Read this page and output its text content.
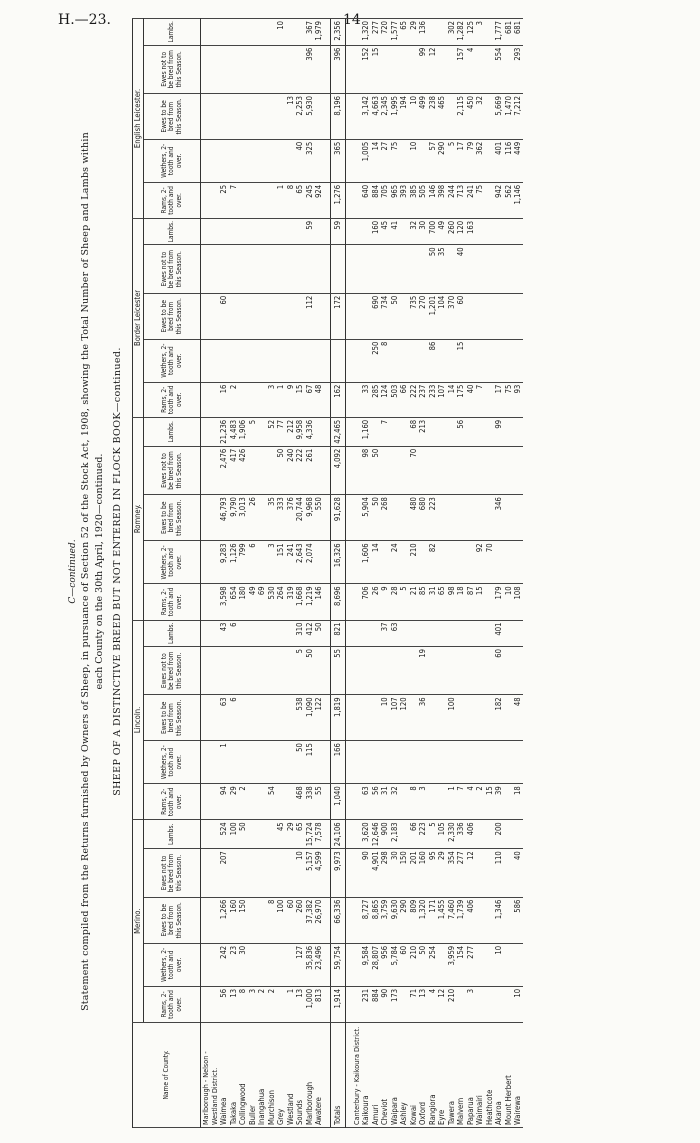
H.—23.	14
C—continued. Statement compiled from the Returns furnished by Owners of Sheep, in pursuance of Section 52 of the Stock Act, 1908, showing the Total Number of Sheep and Lambs within each County on the 30th April, 1920—continued. SHEEP OF A DISTINCTIVE BREED BUT NOT ENTERED IN FLOCK BOOK—continued.
Name of County.	Merino.					Lincoln.					Romney.					Border Leicester					English Leicester.				
	Rams, 2-tooth and over.	Wethers, 2-tooth and over.	Ewes to be bred from this Season.	Ewes not to be bred from this Season.	Lambs.	Rams, 2-tooth and over.	Wethers, 2-tooth and over.	Ewes to be bred from this Season.	Ewes not to be bred from this Season.	Lambs.	Rams, 2-tooth and over.	Wethers, 2-tooth and over.	Ewes to be bred from this Season.	Ewes not to be bred from this Season.	Lambs.	Rams, 2-tooth and over.	Wethers, 2-tooth and over.	Ewes to be bred from this Season.	Ewes not to be bred from this Season.	Lambs.	Rams, 2-tooth and over.	Wethers, 2-tooth and over.	Ewes to be bred from this Season.	Ewes not to be bred from this Season.	Lambs.
Marlborough - Nelson - Westland District.																									
Waimea	56	242	1,266	207	524	94	1	63		43	3,598	9,283	46,793	2,476	21,236	16		60			25				
Takaka	13	23	160		100	29		6		6	654	1,126	9,790	417	4,483	2					7				
Collingwood	8	30	150		50	2					180	799	3,013	426	1,906										
Buller	3										49	6	26		5										
Inangahua	2										69														
Murchison	2		8			54					530	3	35		52	3									
Grey			100		45						264	151	333	50	77	1					1				10
Westland	1		60		29						319	241	376	240	212	9					8		13		
Sounds	13	127	260	10	65	468	50	538	5	310	1,668	2,643	20,744	222	9,958	15					65	40	2,253		
Marlborough	1,000	35,836	37,382	5,157	15,724	338	115	1,090	50	412	1,219	2,074	9,968	261	4,336	67		112		59	245	325	5,930	396	367
Awatere	813	23,496	26,970	4,599	7,578	55		122		50	146		550			48					924				1,979

Totals	1,914	59,754	66,336	9,973	24,106	1,040	166	1,819	55	821	8,696	16,326	91,628	4,092	42,465	162		172		59	1,276	365	8,196	396	2,356

Canterbury - Kaikoura District.																									
Kaikoura	231	9,584	8,727	90	3,620	63					706	1,606	5,904	98	1,160	33					640	1,005	3,142	152	1,320
Amuri	884	28,807	8,865	4,901	12,646	56					26	14	50	50		285	250	690		160	884	14	4,663	15	277
Cheviot	90	956	3,759	298	900	31		10		37	9		268		7	124	8	734		45	705	27	2,345		720
Waipara	173	5,784	9,630	30	2,183	32		107		63	28	24				503		50		41	965	75	1,995		1,577
Ashley		60	290	150				120			5					66					393		194		65
Kowai	71	210	809	201	66	8					21	210	480	70	68	222		735		32	385	10	10		29
Oxford	13	50	1,320	160	223	3		36	19		85		680		213	237		270		30	505		499	99	136
Rangiora	4	254	171	95	5						31	82	223			233	86	1,201	50	700	146	57	238	12	
Eyre	12		1,455	29	105						65					107		104	35	49	398	290	465		
Tawera	210	3,959	7,460	354	2,330	1		100			98					14		370		260	244	5			302
Malvern		154	1,739	277	336	7					18				56	175	15	60	40	120	713	17	2,115	157	1,282
Paparua	3	277	406	12	406	4					87					40				163	241	79	450	4	125
Waimairi						2					15	92				7					75	362	32		3
Heathcote						15						70													
Akaroa		10	1,346	110	200	39		182	60	401	179		346		99	17					942	401	5,669	554	1,777
Mount Herbert											10					75					562	116	1,470		681
Wairewa	10		586	40		18		48			108					93					1,146	449	7,212	293	681
